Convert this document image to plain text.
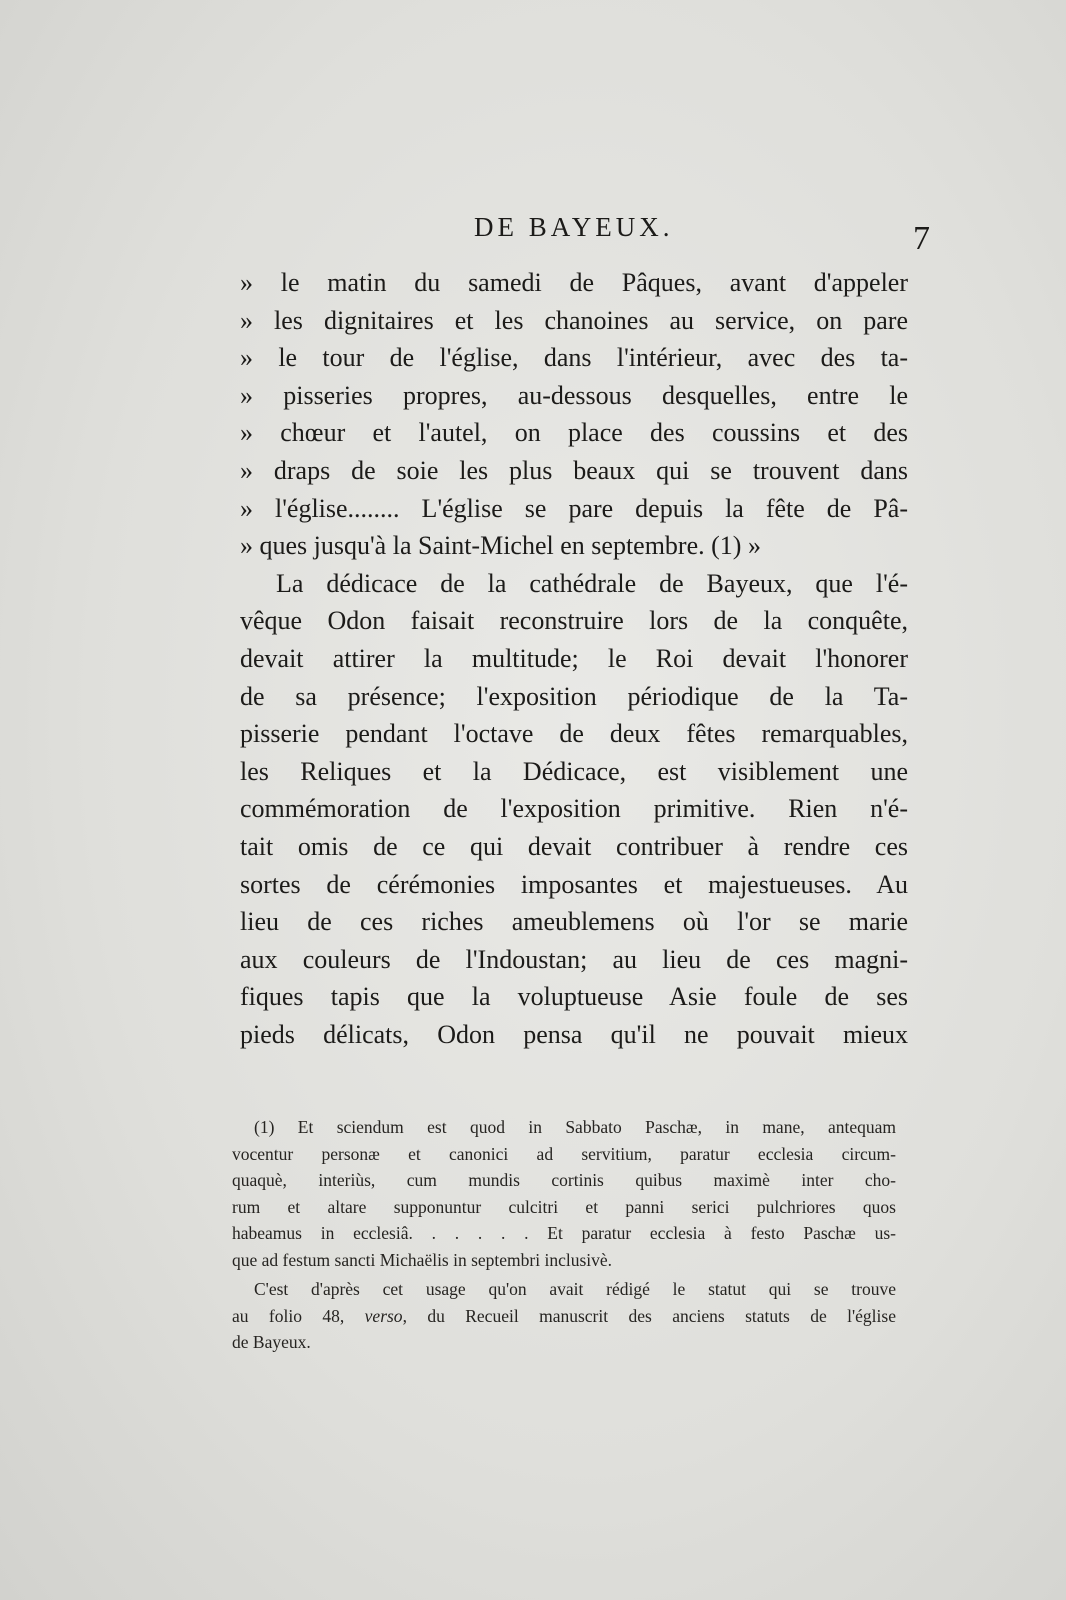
DE BAYEUX.	7
» le matin du samedi de Pâques, avant d'appeler
» les dignitaires et les chanoines au service, on pare
» le tour de l'église, dans l'intérieur, avec des ta-
» pisseries propres, au-dessous desquelles, entre le
» chœur et l'autel, on place des coussins et des
» draps de soie les plus beaux qui se trouvent dans
» l'église........ L'église se pare depuis la fête de Pâ-
» ques jusqu'à la Saint-Michel en septembre. (1) »
La dédicace de la cathédrale de Bayeux, que l'é-
vêque Odon faisait reconstruire lors de la conquête,
devait attirer la multitude; le Roi devait l'honorer
de sa présence; l'exposition périodique de la Ta-
pisserie pendant l'octave de deux fêtes remarquables,
les Reliques et la Dédicace, est visiblement une
commémoration de l'exposition primitive. Rien n'é-
tait omis de ce qui devait contribuer à rendre ces
sortes de cérémonies imposantes et majestueuses. Au
lieu de ces riches ameublemens où l'or se marie
aux couleurs de l'Indoustan; au lieu de ces magni-
fiques tapis que la voluptueuse Asie foule de ses
pieds délicats, Odon pensa qu'il ne pouvait mieux
(1) Et sciendum est quod in Sabbato Paschæ, in mane, antequam
vocentur personæ et canonici ad servitium, paratur ecclesia circum-
quaquè, interiùs, cum mundis cortinis quibus maximè inter cho-
rum et altare supponuntur culcitri et panni serici pulchriores quos
habeamus in ecclesiâ. . . . . . Et paratur ecclesia à festo Paschæ us-
que ad festum sancti Michaëlis in septembri inclusivè.
C'est d'après cet usage qu'on avait rédigé le statut qui se trouve
au folio 48, verso, du Recueil manuscrit des anciens statuts de l'église
de Bayeux.
